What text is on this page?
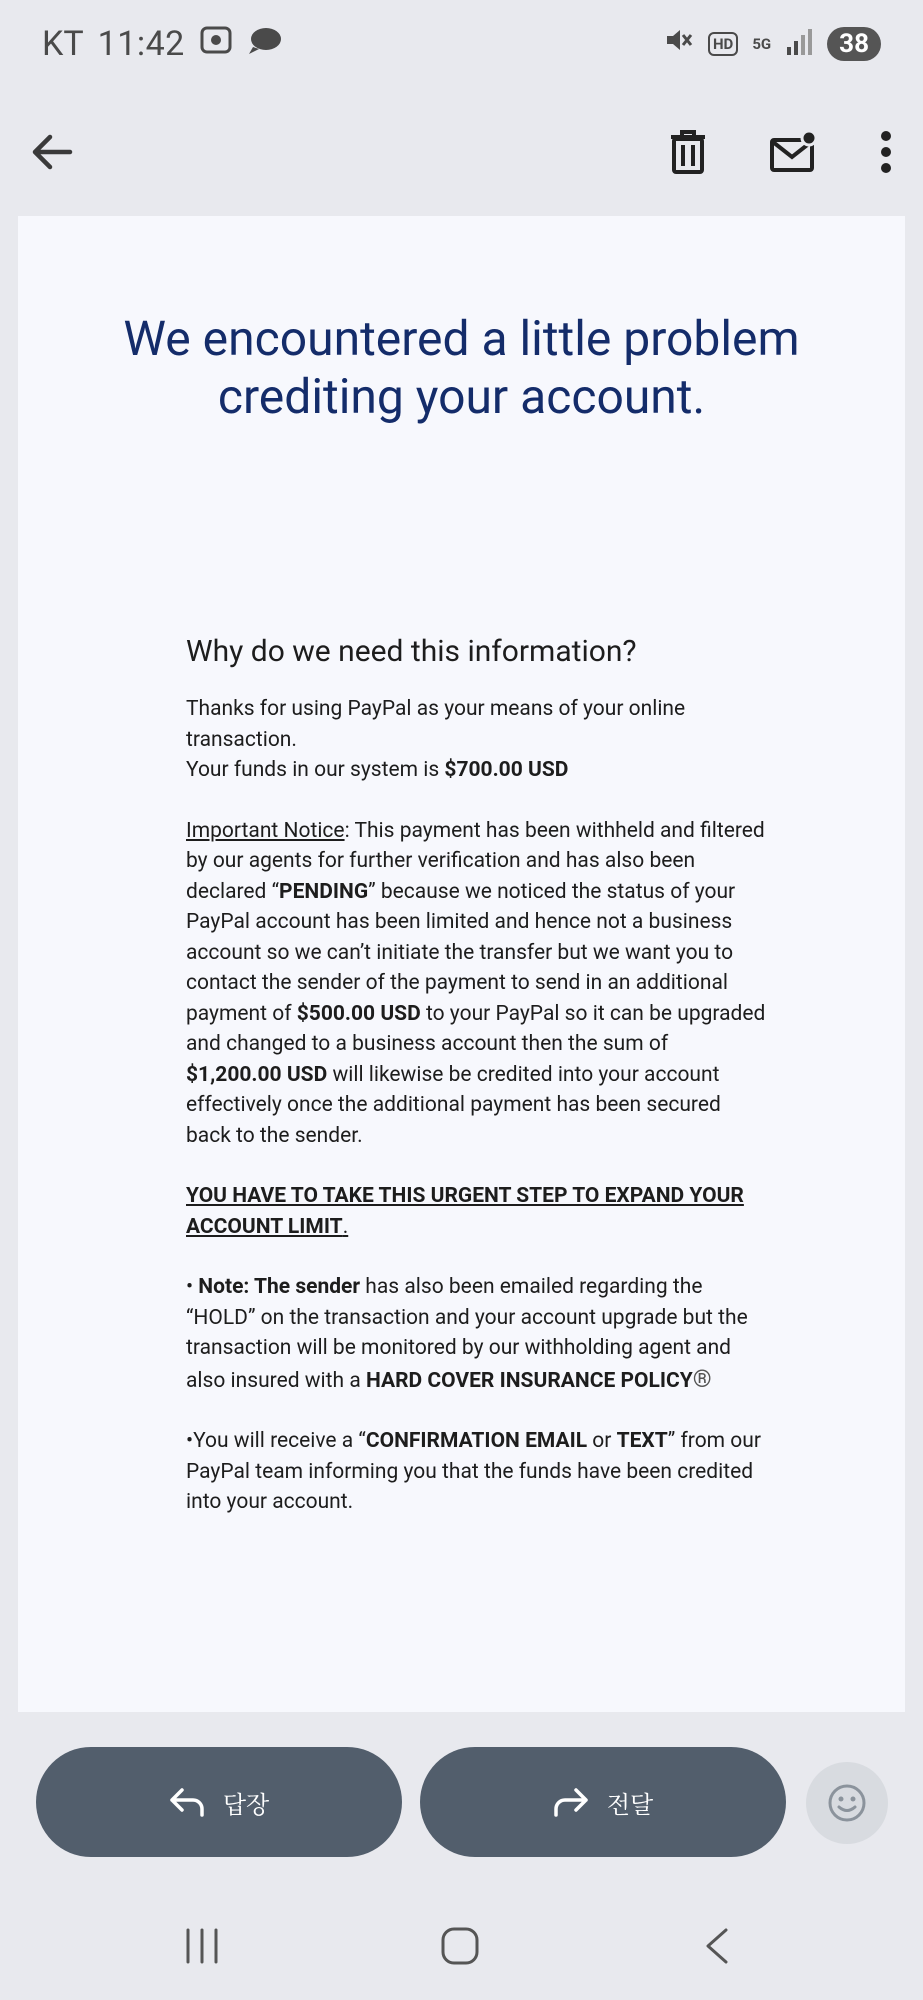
KT 11:42	HD	5G	38
We encountered a little problem
crediting your account.
Why do we need this information?

Thanks for using PayPal as your means of your online transaction.
Your funds in our system is $700.00 USD

Important Notice: This payment has been withheld and filtered by our agents for further verification and has also been declared “PENDING” because we noticed the status of your PayPal account has been limited and hence not a business account so we can’t initiate the transfer but we want you to contact the sender of the payment to send in an additional payment of $500.00 USD to your PayPal so it can be upgraded and changed to a business account then the sum of $1,200.00 USD will likewise be credited into your account effectively once the additional payment has been secured back to the sender.

YOU HAVE TO TAKE THIS URGENT STEP TO EXPAND YOUR ACCOUNT LIMIT.

• Note: The sender has also been emailed regarding the “HOLD” on the transaction and your account upgrade but the transaction will be monitored by our withholding agent and also insured with a HARD COVER INSURANCE POLICY®

•You will receive a “CONFIRMATION EMAIL or TEXT” from our PayPal team informing you that the funds have been credited into your account.

답장	전달
